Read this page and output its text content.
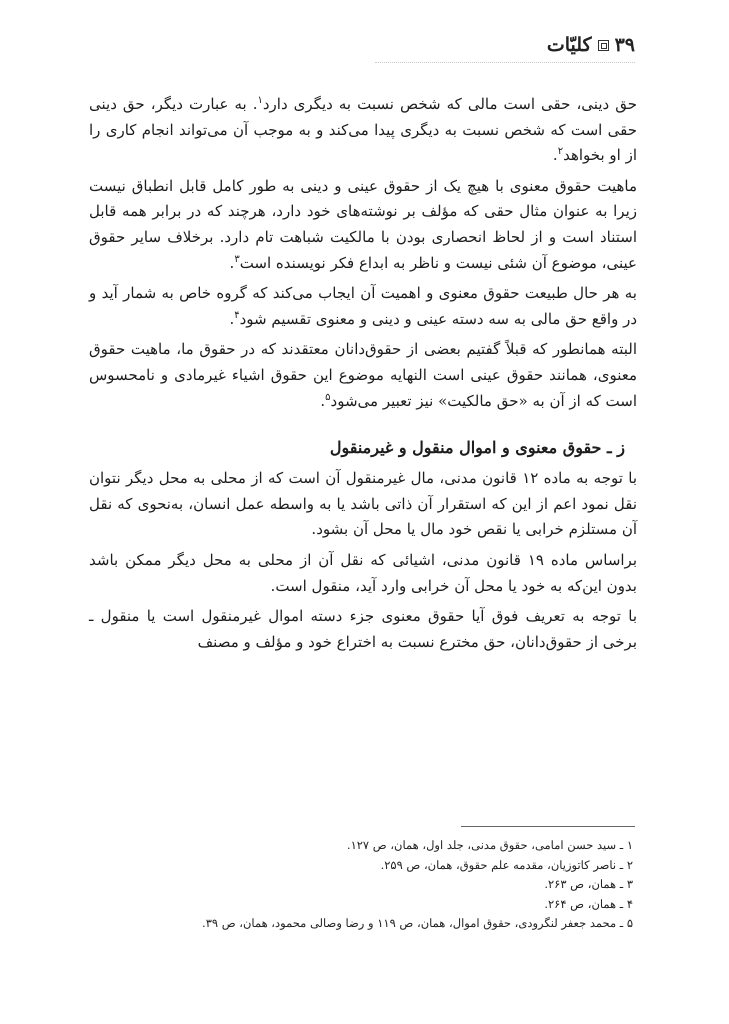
۳۹
کلیّات

حق دینی، حقی است مالی که شخص نسبت به دیگری دارد$^۱$. به عبارت دیگر، حق دینی حقی است که شخص نسبت به دیگری پیدا می‌کند و به موجب آن می‌تواند انجام کاری را از او بخواهد$^۲$.

ماهیت حقوق معنوی با هیچ یک از حقوق عینی و دینی به طور کامل قابل انطباق نیست زیرا به عنوان مثال حقی که مؤلف بر نوشته‌های خود دارد، هرچند که در برابر همه قابل استناد است و از لحاظ انحصاری بودن با مالکیت شباهت تام دارد. برخلاف سایر حقوق عینی، موضوع آن شئی نیست و ناظر به ابداع فکر نویسنده است$^۳$.

به هر حال طبیعت حقوق معنوی و اهمیت آن ایجاب می‌کند که گروه خاص به شمار آید و در واقع حق مالی به سه دسته عینی و دینی و معنوی تقسیم شود$^۴$.

البته همانطور که قبلاً گفتیم بعضی از حقوق‌دانان معتقدند که در حقوق ما، ماهیت حقوق معنوی، همانند حقوق عینی است النهایه موضوع این حقوق اشیاء غیرمادی و نامحسوس است که از آن به «حق مالکیت» نیز تعبیر می‌شود$^۵$.

ز ـ حقوق معنوی و اموال منقول و غیرمنقول

با توجه به ماده ۱۲ قانون مدنی، مال غیرمنقول آن است که از محلی به محل دیگر نتوان نقل نمود اعم از این که استقرار آن ذاتی باشد یا به واسطه عمل انسان، به‌نحوی که نقل آن مستلزم خرابی یا نقص خود مال یا محل آن بشود.

براساس ماده ۱۹ قانون مدنی، اشیائی که نقل آن از محلی به محل دیگر ممکن باشد بدون این‌که به خود یا محل آن خرابی وارد آید، منقول است.

با توجه به تعریف فوق آیا حقوق معنوی جزء دسته اموال غیرمنقول است یا منقول ـ برخی از حقوق‌دانان، حق مخترع نسبت به اختراع خود و مؤلف و مصنف

۱ ـ سید حسن امامی، حقوق مدنی، جلد اول، همان، ص ۱۲۷.
۲ ـ ناصر کاتوزیان، مقدمه علم حقوق، همان، ص ۲۵۹.
۳ ـ همان، ص ۲۶۳.
۴ ـ همان، ص ۲۶۴.
۵ ـ محمد جعفر لنگرودی، حقوق اموال، همان، ص ۱۱۹ و رضا وصالی محمود، همان، ص ۳۹.
